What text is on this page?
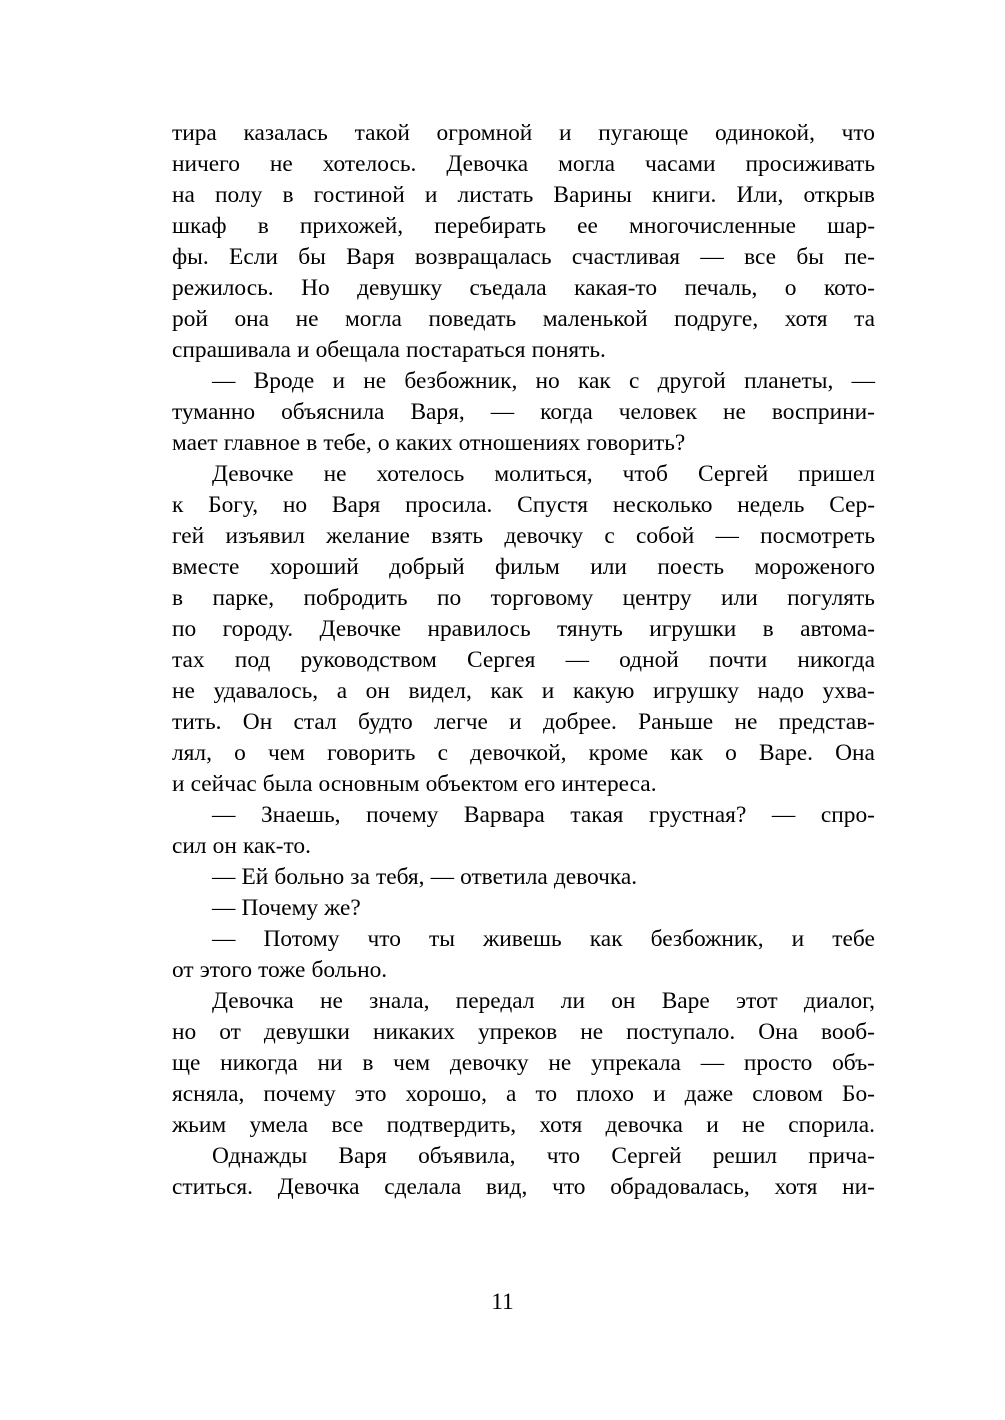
тира казалась такой огромной и пугающе одинокой, что
ничего не хотелось. Девочка могла часами просиживать
на полу в гостиной и листать Варины книги. Или, открыв
шкаф в прихожей, перебирать ее многочисленные шар-
фы. Если бы Варя возвращалась счастливая — все бы пе-
режилось. Но девушку съедала какая-то печаль, о кото-
рой она не могла поведать маленькой подруге, хотя та
спрашивала и обещала постараться понять.
— Вроде и не безбожник, но как с другой планеты, —
туманно объяснила Варя, — когда человек не восприни-
мает главное в тебе, о каких отношениях говорить?
Девочке не хотелось молиться, чтоб Сергей пришел
к Богу, но Варя просила. Спустя несколько недель Сер-
гей изъявил желание взять девочку с собой — посмотреть
вместе хороший добрый фильм или поесть мороженого
в парке, побродить по торговому центру или погулять
по городу. Девочке нравилось тянуть игрушки в автома-
тах под руководством Сергея — одной почти никогда
не удавалось, а он видел, как и какую игрушку надо ухва-
тить. Он стал будто легче и добрее. Раньше не представ-
лял, о чем говорить с девочкой, кроме как о Варе. Она
и сейчас была основным объектом его интереса.
— Знаешь, почему Варвара такая грустная? — спро-
сил он как-то.
— Ей больно за тебя, — ответила девочка.
— Почему же?
— Потому что ты живешь как безбожник, и тебе
от этого тоже больно.
Девочка не знала, передал ли он Варе этот диалог,
но от девушки никаких упреков не поступало. Она вооб-
ще никогда ни в чем девочку не упрекала — просто объ-
ясняла, почему это хорошо, а то плохо и даже словом Бо-
жьим умела все подтвердить, хотя девочка и не спорила.
Однажды Варя объявила, что Сергей решил прича-
ститься. Девочка сделала вид, что обрадовалась, хотя ни-
11
